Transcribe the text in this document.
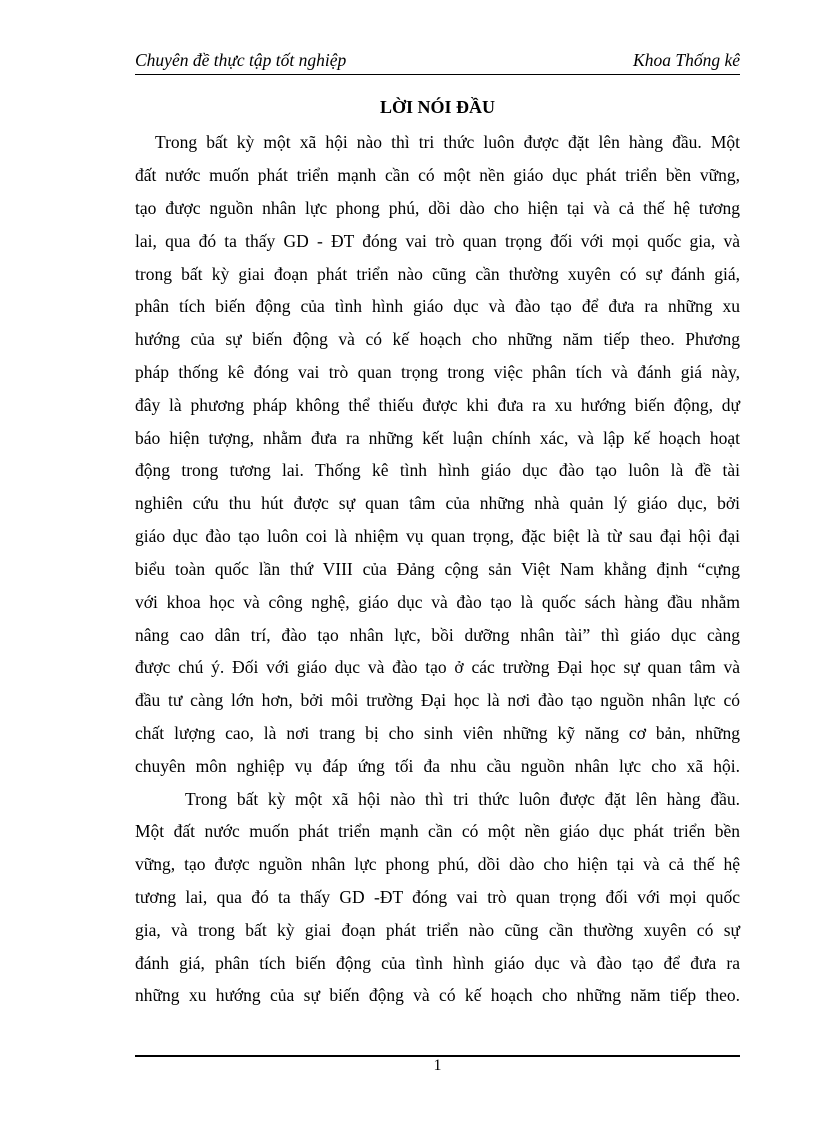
Chuyên đề thực tập tốt nghiệp	Khoa Thống kê
LỜI NÓI ĐẦU
Trong bất kỳ một xã hội nào thì tri thức luôn được đặt lên hàng đầu. Một
đất nước muốn phát triển mạnh cần có một nền giáo dục phát triển bền vững,
tạo được nguồn nhân lực phong phú, dồi dào cho hiện tại và cả thế hệ tương
lai, qua đó ta thấy GD - ĐT đóng vai trò quan trọng đối với mọi quốc gia, và
trong bất kỳ giai đoạn phát triển nào cũng cần thường xuyên có sự đánh giá,
phân tích biến động của tình hình giáo dục và đào tạo để đưa ra những xu
hướng của sự biến động và có kế hoạch cho những năm tiếp theo. Phương
pháp thống kê đóng vai trò quan trọng trong việc phân tích và đánh giá này,
đây là phương pháp không thể thiếu được khi đưa ra xu hướng biến động, dự
báo hiện tượng, nhằm đưa ra những kết luận chính xác, và lập kế hoạch hoạt
động trong tương lai. Thống kê tình hình giáo dục đào tạo luôn là đề tài
nghiên cứu thu hút được sự quan tâm của những nhà quản lý giáo dục, bởi
giáo dục đào tạo luôn coi là nhiệm vụ quan trọng, đặc biệt là từ sau đại hội đại
biểu toàn quốc lần thứ VIII của Đảng cộng sản Việt Nam khẳng định “cựng
với khoa học và công nghệ, giáo dục và đào tạo là quốc sách hàng đầu nhằm
nâng cao dân trí, đào tạo nhân lực, bồi dưỡng nhân tài” thì giáo dục càng
được chú ý. Đối với giáo dục và đào tạo ở các trường Đại học sự quan tâm và
đầu tư càng lớn hơn, bởi môi trường Đại học là nơi đào tạo nguồn nhân lực có
chất lượng cao, là nơi trang bị cho sinh viên những kỹ năng cơ bản, những
chuyên môn nghiệp vụ đáp ứng tối đa nhu cầu nguồn nhân lực cho xã hội.
Trong bất kỳ một xã hội nào thì tri thức luôn được đặt lên hàng đầu.
Một đất nước muốn phát triển mạnh cần có một nền giáo dục phát triển bền
vững, tạo được nguồn nhân lực phong phú, dồi dào cho hiện tại và cả thế hệ
tương lai, qua đó ta thấy GD -ĐT đóng vai trò quan trọng đối với mọi quốc
gia, và trong bất kỳ giai đoạn phát triển nào cũng cần thường xuyên có sự
đánh giá, phân tích biến động của tình hình giáo dục và đào tạo để đưa ra
những xu hướng của sự biến động và có kế hoạch cho những năm tiếp theo.
1
